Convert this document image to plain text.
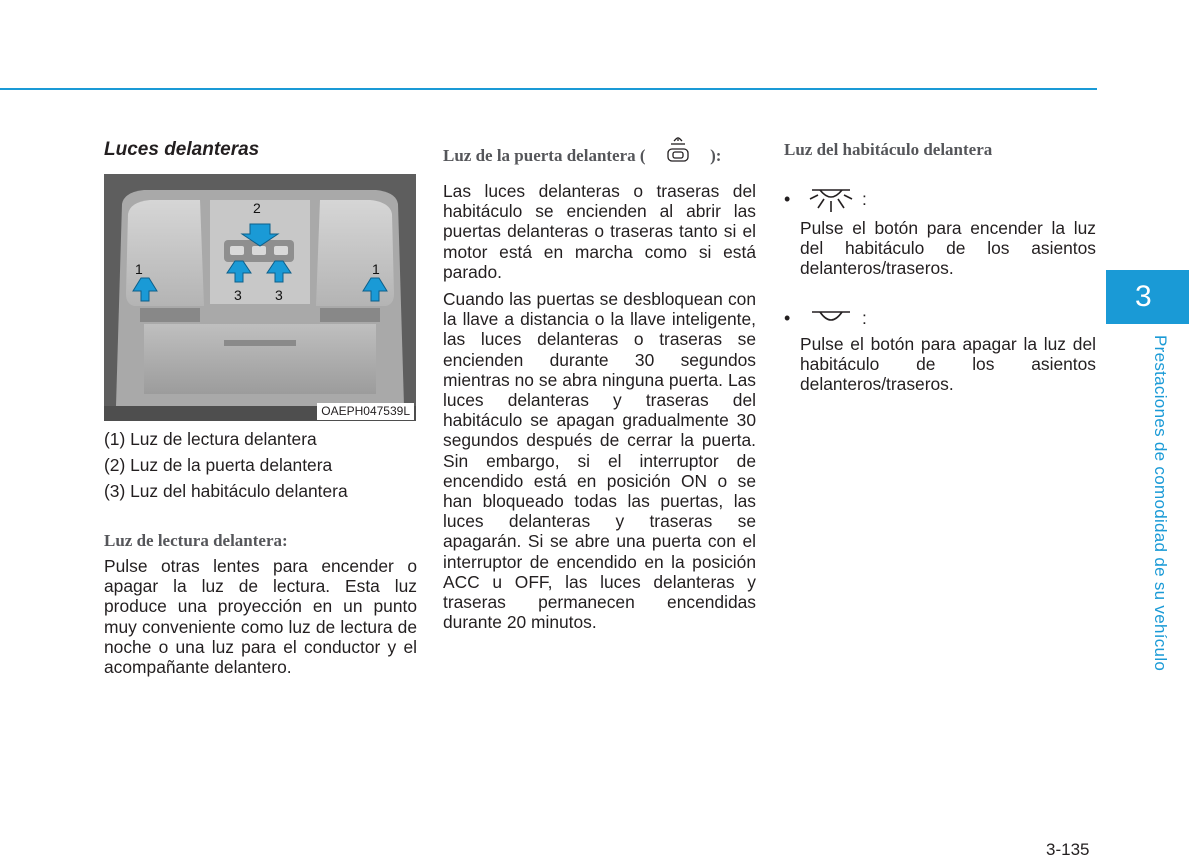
Luces delanteras
2
1	1
3 3
OAEPH047539L
(1) Luz de lectura delantera
(2) Luz de la puerta delantera
(3) Luz del habitáculo delantera
Luz de lectura delantera:

Pulse otras lentes para encender o apagar la luz de lectura. Esta luz produce una proyección en un punto muy conveniente como luz de lectura de noche o una luz para el conductor y el acompañante delantero.

Luz de la puerta delantera (	):

Las luces delanteras o traseras del habitáculo se encienden al abrir las puertas delanteras o traseras tanto si el motor está en marcha como si está parado.

Cuando las puertas se desbloquean con la llave a distancia o la llave inteligente, las luces delanteras o traseras se encienden durante 30 segundos mientras no se abra ninguna puerta. Las luces delanteras y traseras del habitáculo se apagan gradualmente 30 segundos después de cerrar la puerta. Sin embargo, si el interruptor de encendido está en posición ON o se han bloqueado todas las puertas, las luces delanteras y traseras se apagarán. Si se abre una puerta con el interruptor de encendido en la posición ACC u OFF, las luces delanteras y traseras permanecen encendidas durante 20 minutos.

Luz del habitáculo delantera
•	:

Pulse el botón para encender la luz del habitáculo de los asientos delanteros/traseros.

•	:

Pulse el botón para apagar la luz del habitáculo de los asientos delanteros/traseros.

3
Prestaciones de comodidad de su vehículo
3-135
